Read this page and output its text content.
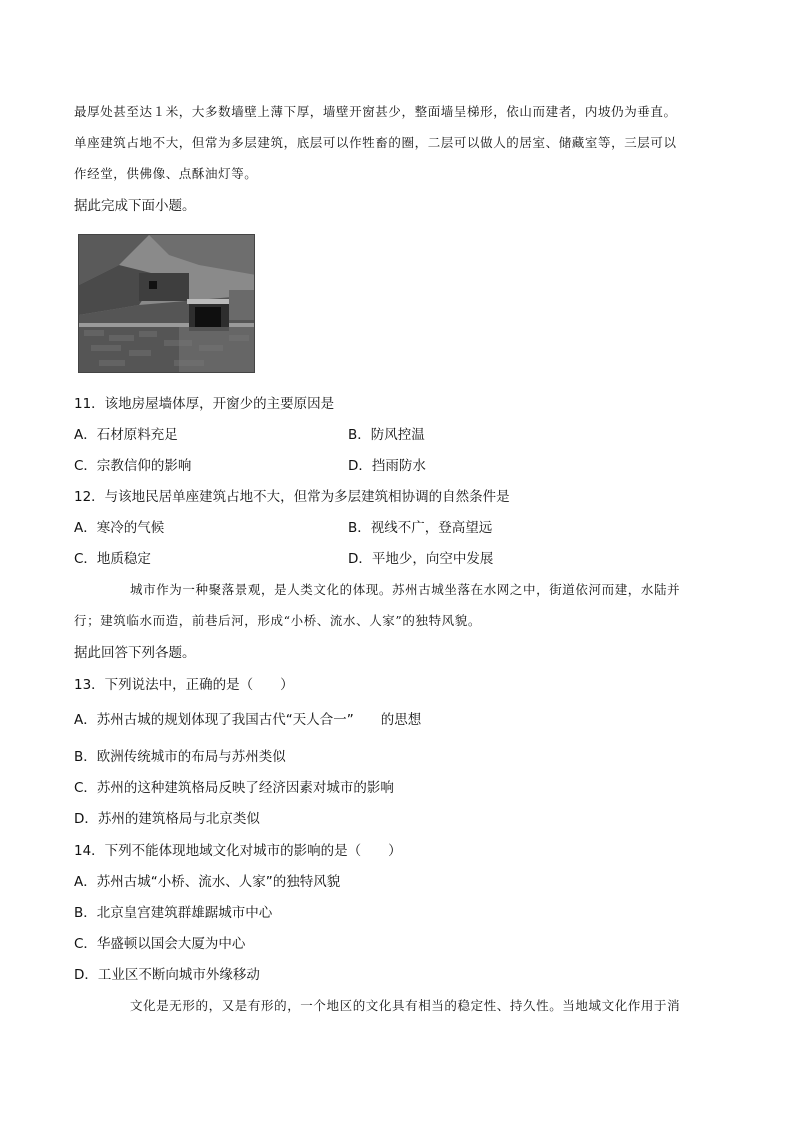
最厚处甚至达１米，大多数墙壁上薄下厚，墙壁开窗甚少，整面墙呈梯形，依山而建者，内坡仍为垂直。
单座建筑占地不大，但常为多层建筑，底层可以作牲畜的圈，二层可以做人的居室、储藏室等，三层可以
作经堂，供佛像、点酥油灯等。
据此完成下面小题。
11．该地房屋墙体厚，开窗少的主要原因是
A．石材原料充足	B．防风控温
C．宗教信仰的影响	D．挡雨防水
12．与该地民居单座建筑占地不大，但常为多层建筑相协调的自然条件是
A．寒冷的气候	B．视线不广，登高望远
C．地质稳定	D．平地少，向空中发展
城市作为一种聚落景观，是人类文化的体现。苏州古城坐落在水网之中，街道依河而建，水陆并
行；建筑临水而造，前巷后河，形成“小桥、流水、人家”的独特风貌。
据此回答下列各题。
13．下列说法中，正确的是（　　）
A．苏州古城的规划体现了我国古代“天人合一”　　的思想
B．欧洲传统城市的布局与苏州类似
C．苏州的这种建筑格局反映了经济因素对城市的影响
D．苏州的建筑格局与北京类似
14．下列不能体现地域文化对城市的影响的是（　　）
A．苏州古城“小桥、流水、人家”的独特风貌
B．北京皇宫建筑群雄踞城市中心
C．华盛顿以国会大厦为中心
D．工业区不断向城市外缘移动
文化是无形的，又是有形的，一个地区的文化具有相当的稳定性、持久性。当地域文化作用于消
